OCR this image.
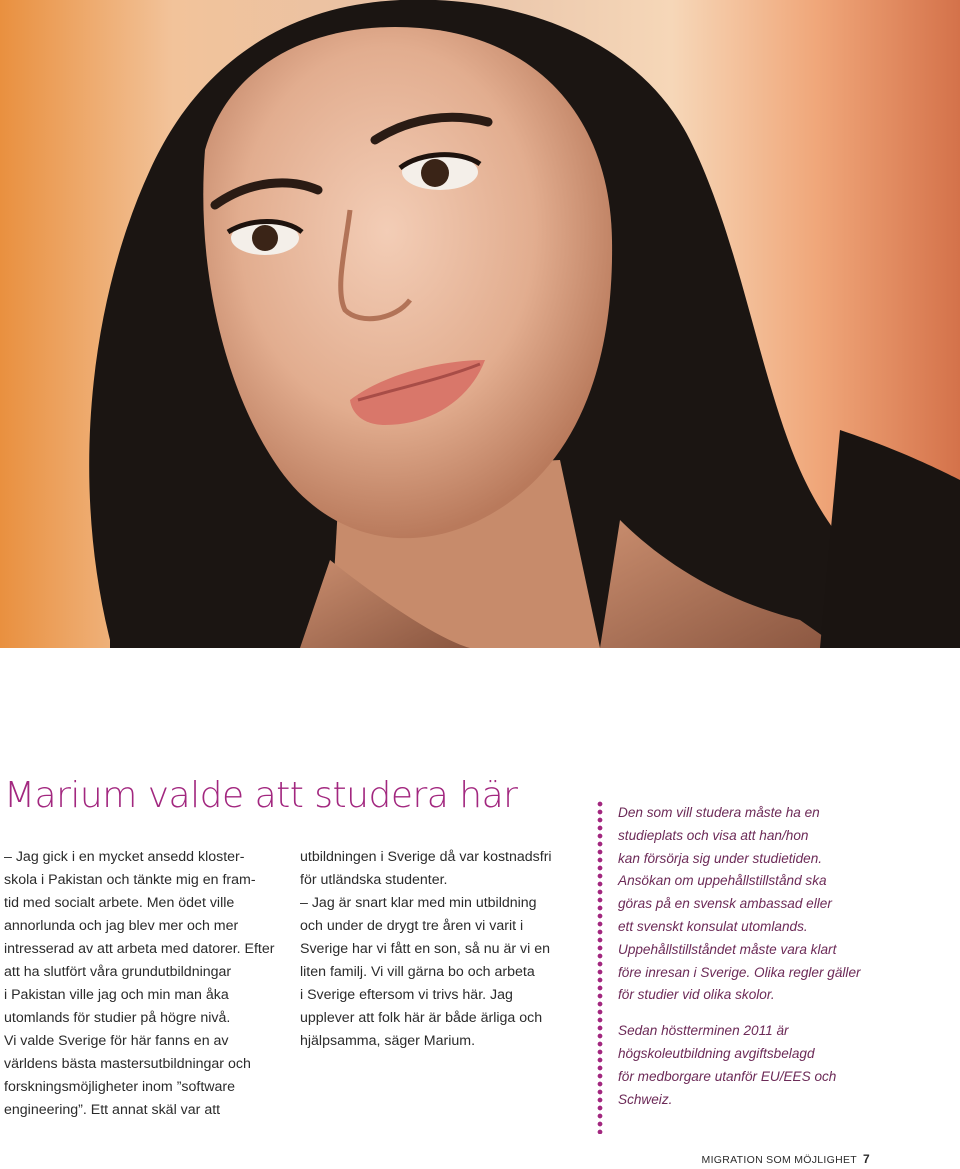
Marium valde att studera här

– Jag gick i en mycket ansedd kloster-
skola i Pakistan och tänkte mig en fram-
tid med socialt arbete. Men ödet ville
annorlunda och jag blev mer och mer
intresserad av att arbeta med datorer. Efter
att ha slutfört våra grundutbildningar
i Pakistan ville jag och min man åka
utomlands för studier på högre nivå.
Vi valde Sverige för här fanns en av
världens bästa mastersutbildningar och
forskningsmöjligheter inom ”software
engineering”. Ett annat skäl var att

utbildningen i Sverige då var kostnadsfri
för utländska studenter.
– Jag är snart klar med min utbildning
och under de drygt tre åren vi varit i
Sverige har vi fått en son, så nu är vi en
liten familj. Vi vill gärna bo och arbeta
i Sverige eftersom vi trivs här. Jag
upplever att folk här är både ärliga och
hjälpsamma, säger Marium.

Den som vill studera måste ha en
studieplats och visa att han/hon
kan försörja sig under studietiden.
Ansökan om uppehållstillstånd ska
göras på en svensk ambassad eller
ett svenskt konsulat utomlands.
Uppehållstillståndet måste vara klart
före inresan i Sverige. Olika regler gäller
för studier vid olika skolor.

Sedan höstterminen 2011 är
högskoleutbildning avgiftsbelagd
för medborgare utanför EU/EES och
Schweiz.

MIGRATION SOM MÖJLIGHET 7
